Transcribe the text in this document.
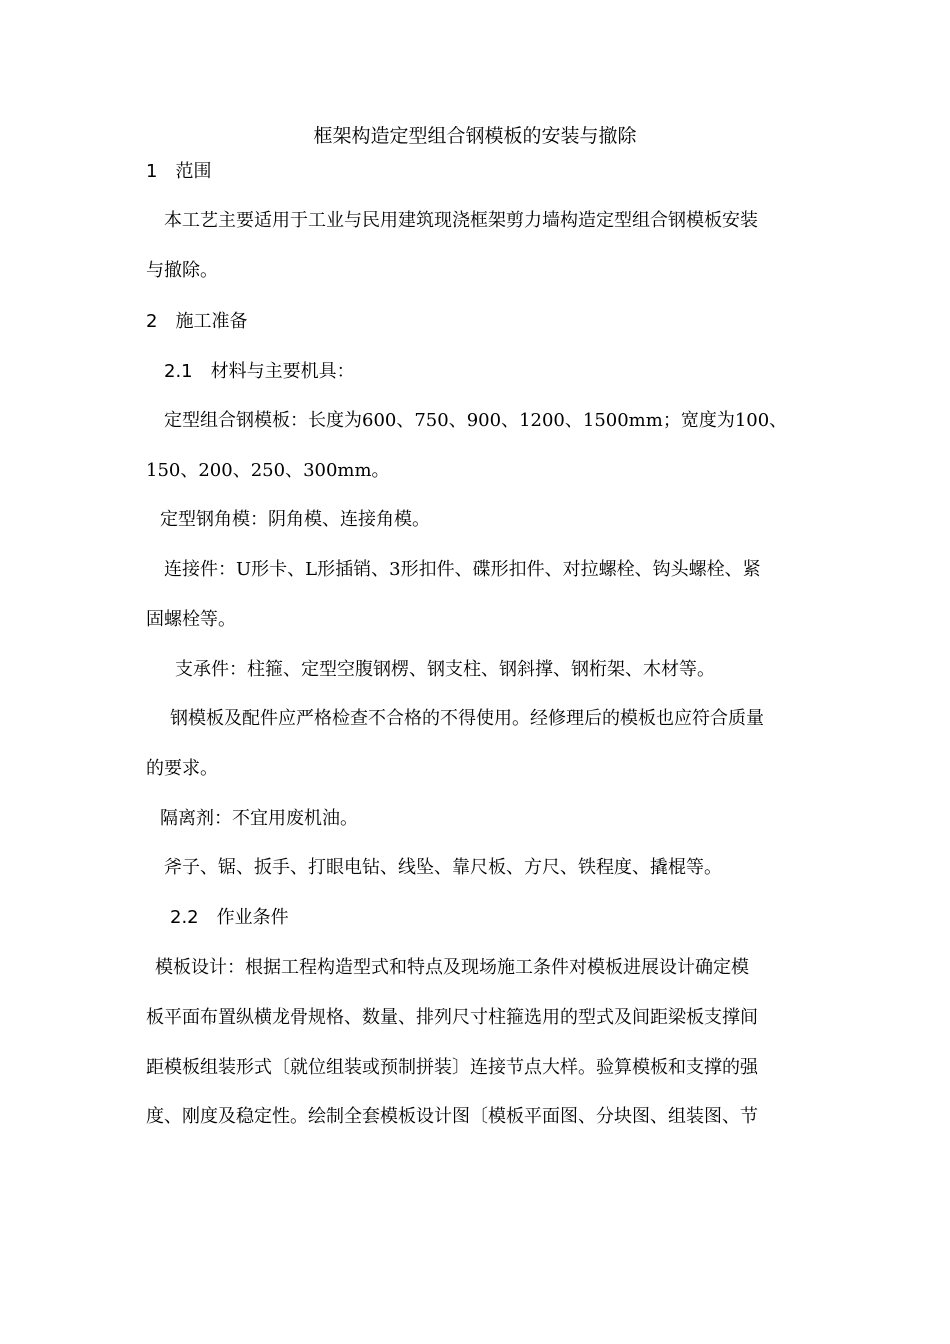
框架构造定型组合钢模板的安装与撤除
1　范围
本工艺主要适用于工业与民用建筑现浇框架剪力墙构造定型组合钢模板安装
与撤除。
2　施工准备
2.1　材料与主要机具：
定型组合钢模板：长度为600、750、900、1200、1500mm；宽度为100、
150、200、250、300mm。
定型钢角模：阴角模、连接角模。
连接件：U形卡、L形插销、3形扣件、碟形扣件、对拉螺栓、钩头螺栓、紧
固螺栓等。
支承件：柱箍、定型空腹钢楞、钢支柱、钢斜撑、钢桁架、木材等。
钢模板及配件应严格检查不合格的不得使用。经修理后的模板也应符合质量
的要求。
隔离剂：不宜用废机油。
斧子、锯、扳手、打眼电钻、线坠、靠尺板、方尺、铁程度、撬棍等。
2.2　作业条件
模板设计：根据工程构造型式和特点及现场施工条件对模板进展设计确定模
板平面布置纵横龙骨规格、数量、排列尺寸柱箍选用的型式及间距梁板支撑间
距模板组装形式〔就位组装或预制拼装〕连接节点大样。验算模板和支撑的强
度、刚度及稳定性。绘制全套模板设计图〔模板平面图、分块图、组装图、节
